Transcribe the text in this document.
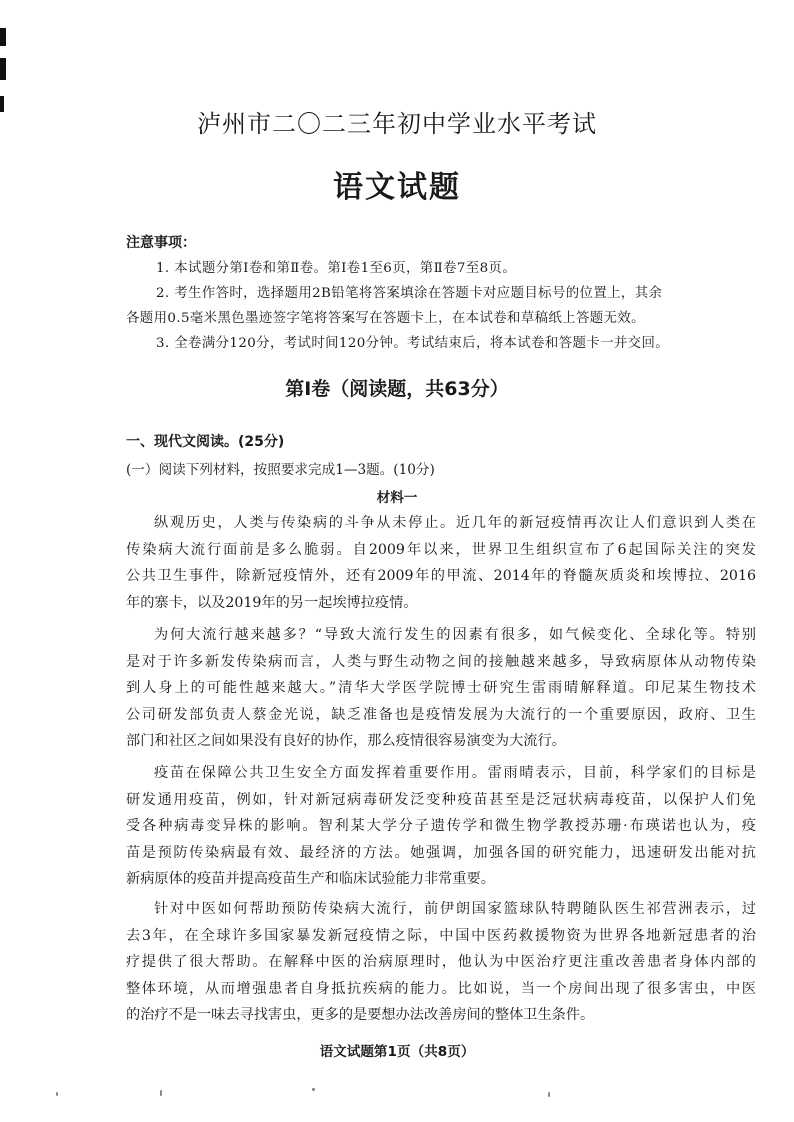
泸州市二〇二三年初中学业水平考试
语文试题
注意事项：
1. 本试题分第Ⅰ卷和第Ⅱ卷。第Ⅰ卷1至6页，第Ⅱ卷7至8页。
2. 考生作答时，选择题用2B铅笔将答案填涂在答题卡对应题目标号的位置上，其余
各题用0.5毫米黑色墨迹签字笔将答案写在答题卡上，在本试卷和草稿纸上答题无效。
3. 全卷满分120分，考试时间120分钟。考试结束后，将本试卷和答题卡一并交回。
第Ⅰ卷（阅读题，共63分）
一、现代文阅读。(25分)
(一）阅读下列材料，按照要求完成1—3题。(10分)
材料一
纵观历史，人类与传染病的斗争从未停止。近几年的新冠疫情再次让人们意识到人类在
传染病大流行面前是多么脆弱。自2009年以来，世界卫生组织宣布了6起国际关注的突发
公共卫生事件，除新冠疫情外，还有2009年的甲流、2014年的脊髓灰质炎和埃博拉、2016
年的寨卡，以及2019年的另一起埃博拉疫情。
为何大流行越来越多？“导致大流行发生的因素有很多，如气候变化、全球化等。特别
是对于许多新发传染病而言，人类与野生动物之间的接触越来越多，导致病原体从动物传染
到人身上的可能性越来越大。”清华大学医学院博士研究生雷雨晴解释道。印尼某生物技术
公司研发部负责人蔡金光说，缺乏准备也是疫情发展为大流行的一个重要原因，政府、卫生
部门和社区之间如果没有良好的协作，那么疫情很容易演变为大流行。
疫苗在保障公共卫生安全方面发挥着重要作用。雷雨晴表示，目前，科学家们的目标是
研发通用疫苗，例如，针对新冠病毒研发泛变种疫苗甚至是泛冠状病毒疫苗，以保护人们免
受各种病毒变异株的影响。智利某大学分子遗传学和微生物学教授苏珊·布瑛诺也认为，疫
苗是预防传染病最有效、最经济的方法。她强调，加强各国的研究能力，迅速研发出能对抗
新病原体的疫苗并提高疫苗生产和临床试验能力非常重要。
针对中医如何帮助预防传染病大流行，前伊朗国家篮球队特聘随队医生祁营洲表示，过
去3年，在全球许多国家暴发新冠疫情之际，中国中医药救援物资为世界各地新冠患者的治
疗提供了很大帮助。在解释中医的治病原理时，他认为中医治疗更注重改善患者身体内部的
整体环境，从而增强患者自身抵抗疾病的能力。比如说，当一个房间出现了很多害虫，中医
的治疗不是一味去寻找害虫，更多的是要想办法改善房间的整体卫生条件。
语文试题第1页（共8页）
